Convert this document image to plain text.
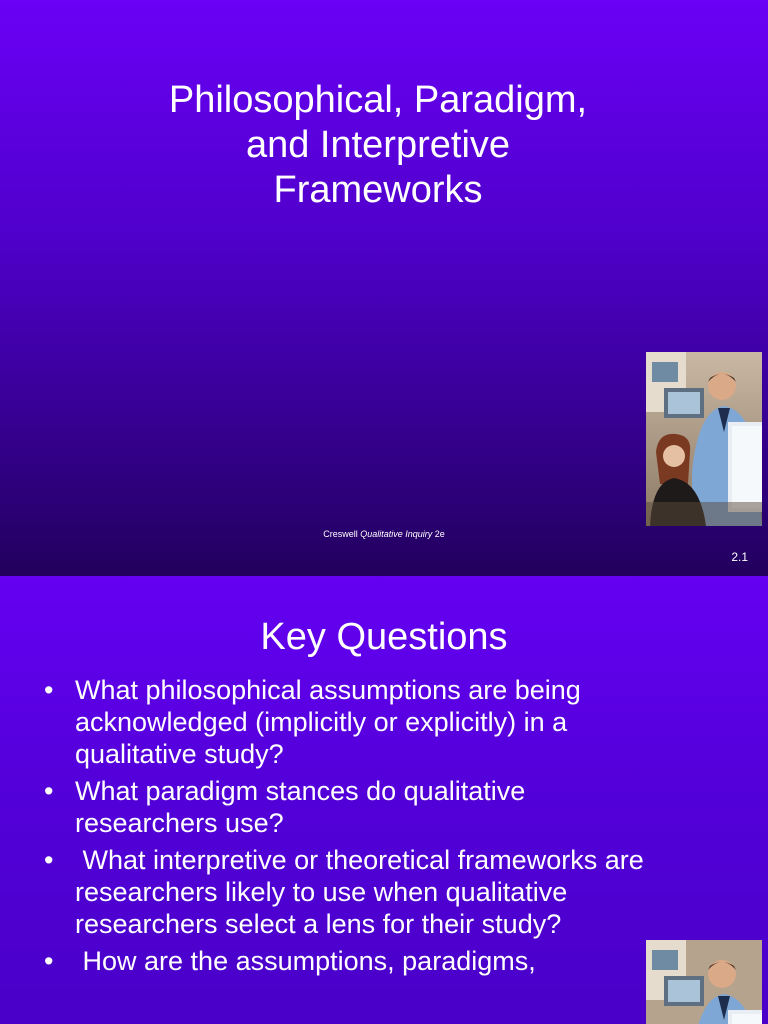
Philosophical, Paradigm,
and Interpretive
Frameworks
Creswell Qualitative Inquiry 2e
2.1
Key Questions
• What philosophical assumptions are being acknowledged (implicitly or explicitly) in a qualitative study?
• What paradigm stances do qualitative researchers use?
• What interpretive or theoretical frameworks are researchers likely to use when qualitative researchers select a lens for their study?
• How are the assumptions, paradigms,
